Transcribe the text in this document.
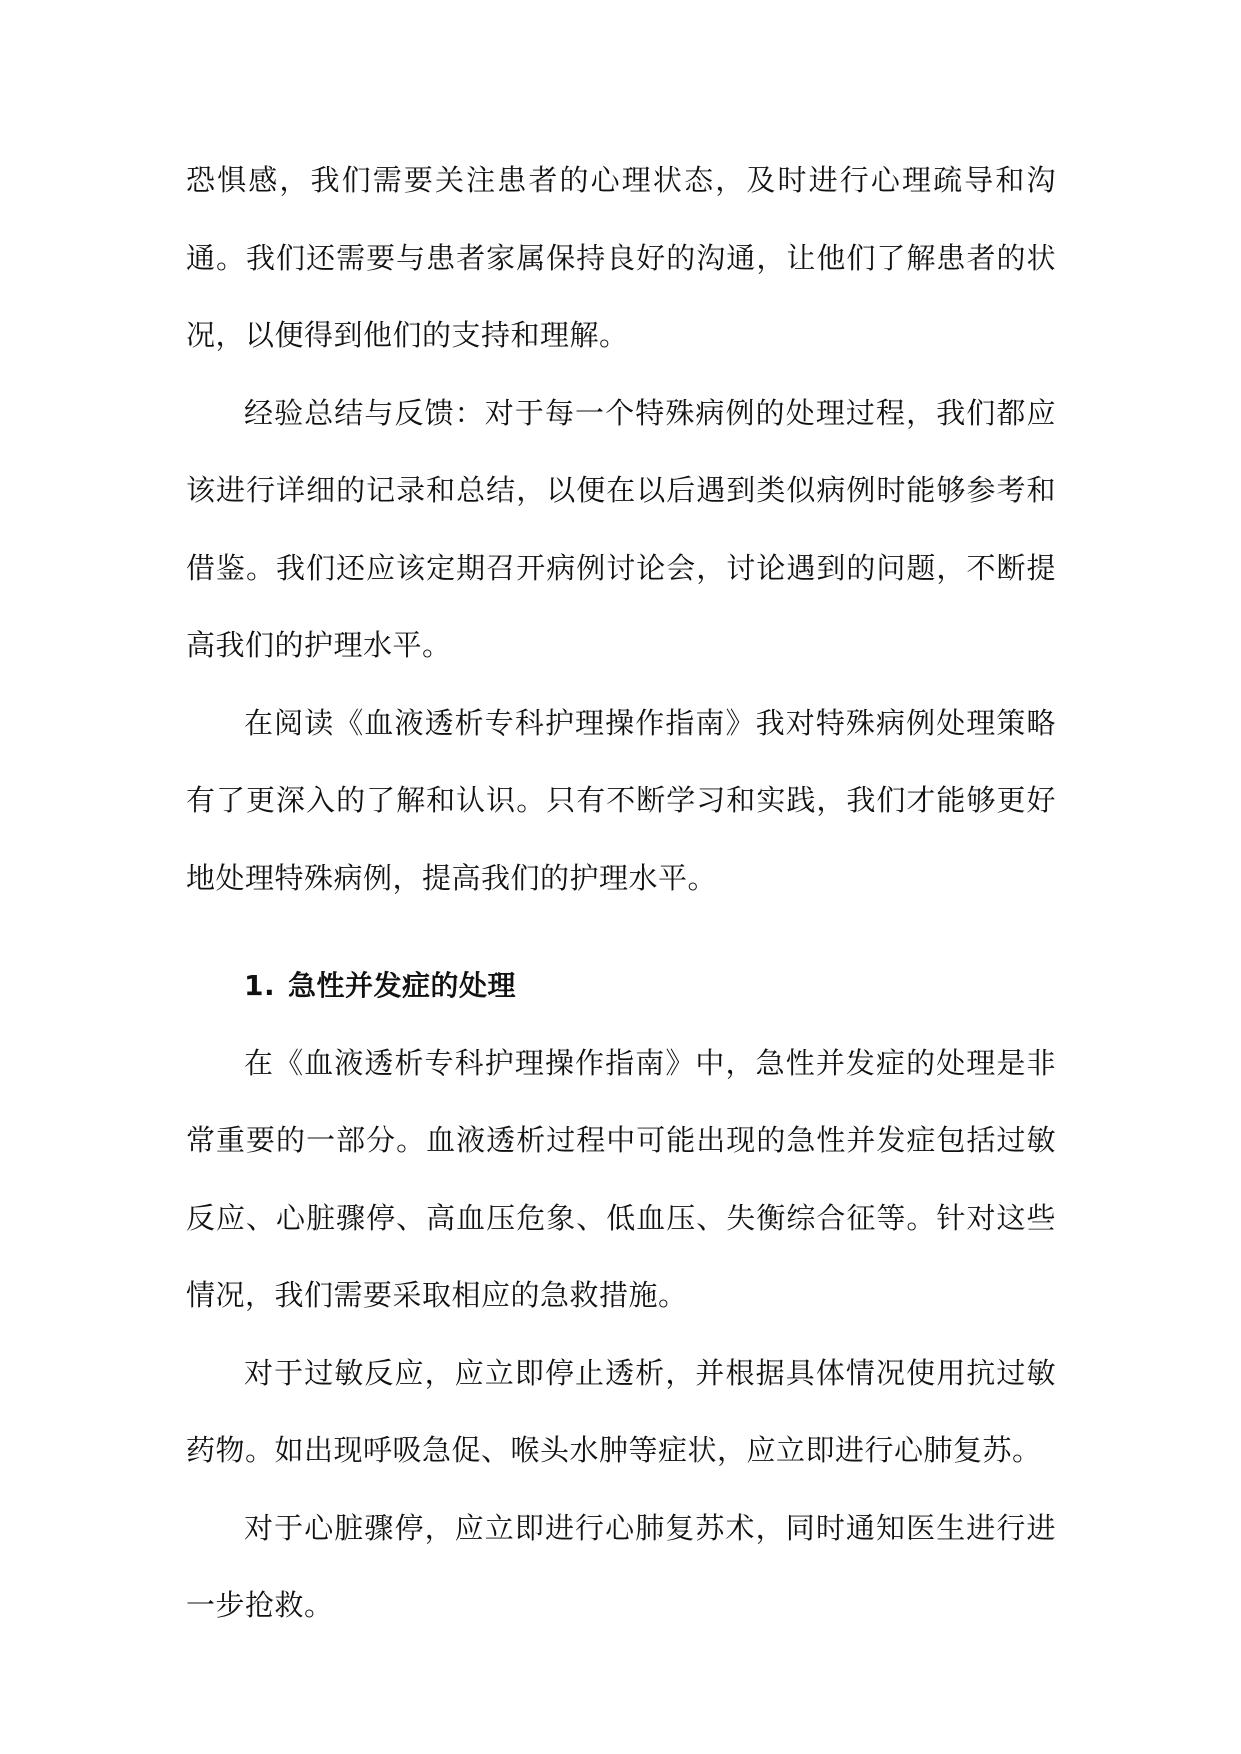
恐惧感，我们需要关注患者的心理状态，及时进行心理疏导和沟通。我们还需要与患者家属保持良好的沟通，让他们了解患者的状况，以便得到他们的支持和理解。

经验总结与反馈：对于每一个特殊病例的处理过程，我们都应该进行详细的记录和总结，以便在以后遇到类似病例时能够参考和借鉴。我们还应该定期召开病例讨论会，讨论遇到的问题，不断提高我们的护理水平。

在阅读《血液透析专科护理操作指南》我对特殊病例处理策略有了更深入的了解和认识。只有不断学习和实践，我们才能够更好地处理特殊病例，提高我们的护理水平。

1. 急性并发症的处理

在《血液透析专科护理操作指南》中，急性并发症的处理是非常重要的一部分。血液透析过程中可能出现的急性并发症包括过敏反应、心脏骤停、高血压危象、低血压、失衡综合征等。针对这些情况，我们需要采取相应的急救措施。

对于过敏反应，应立即停止透析，并根据具体情况使用抗过敏药物。如出现呼吸急促、喉头水肿等症状，应立即进行心肺复苏。

对于心脏骤停，应立即进行心肺复苏术，同时通知医生进行进一步抢救。
